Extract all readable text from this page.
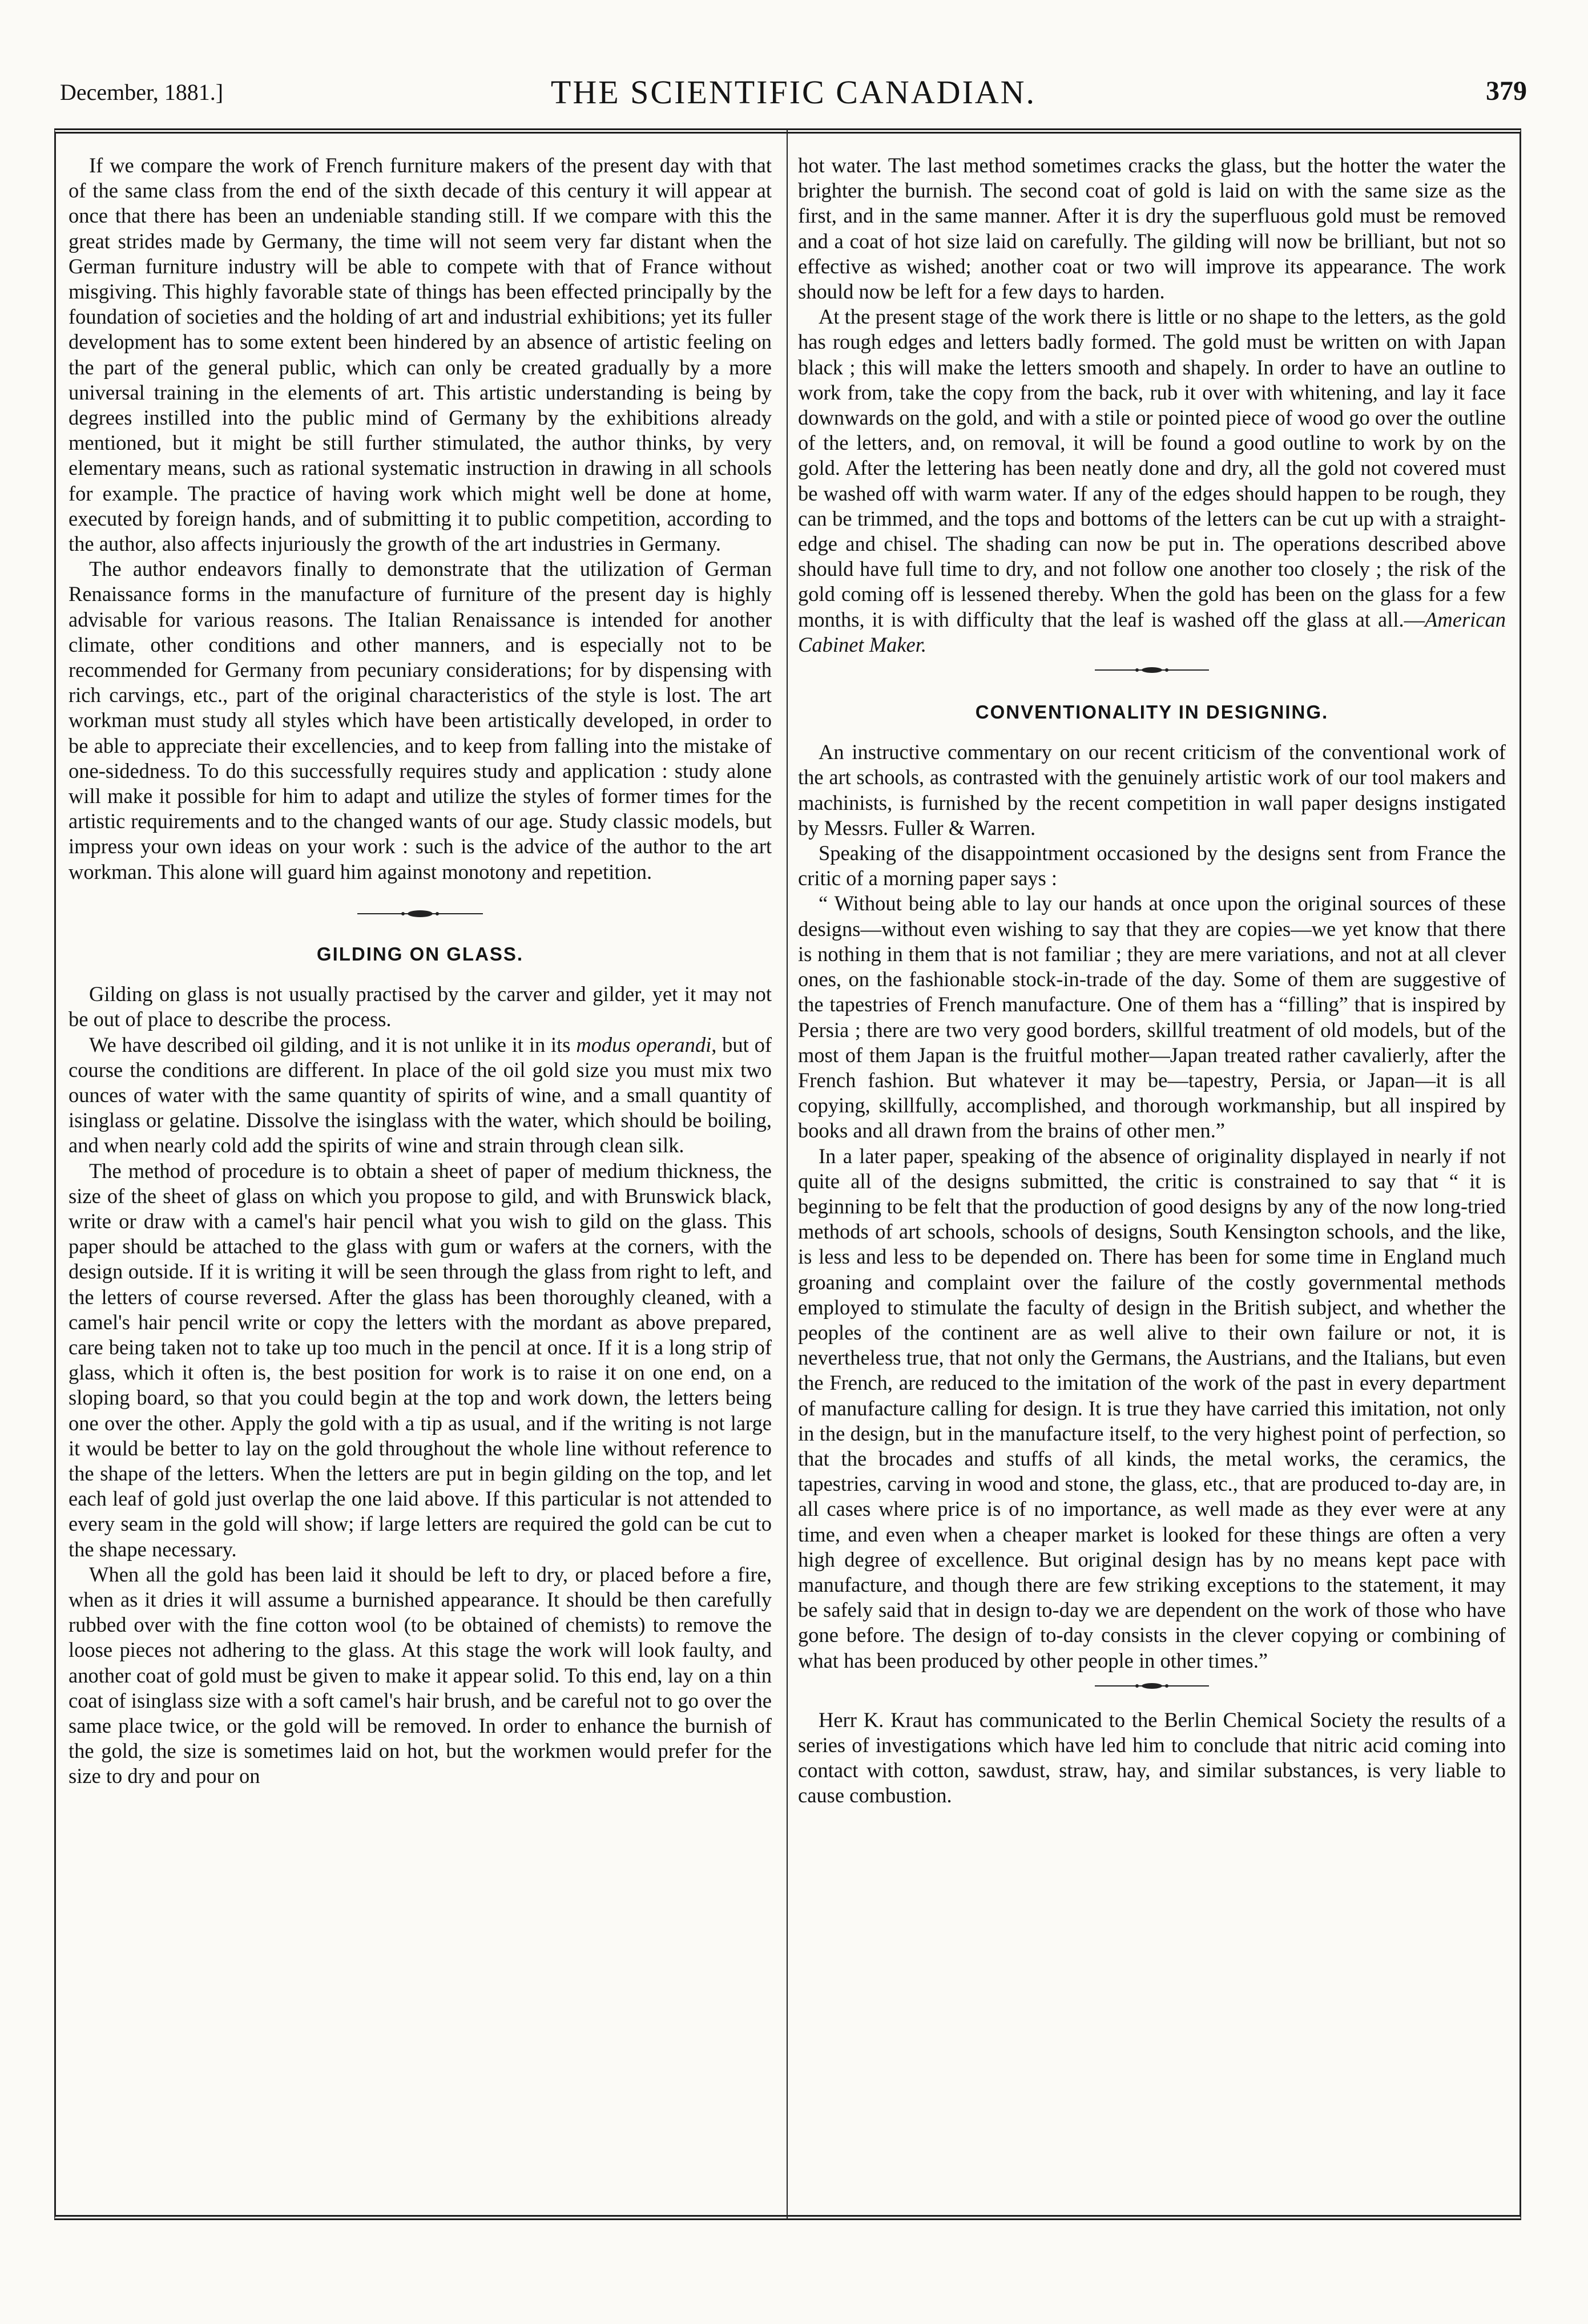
December, 1881.]	THE SCIENTIFIC CANADIAN.	379

If we compare the work of French furniture makers of the present day with that of the same class from the end of the sixth decade of this century it will appear at once that there has been an undeniable standing still. If we compare with this the great strides made by Germany, the time will not seem very far distant when the German furniture industry will be able to compete with that of France without misgiving. This highly favorable state of things has been effected principally by the foundation of societies and the holding of art and industrial exhibitions; yet its fuller development has to some extent been hindered by an absence of artistic feeling on the part of the general public, which can only be created gradually by a more universal training in the elements of art. This artistic understanding is being by degrees instilled into the public mind of Germany by the exhibitions already mentioned, but it might be still further stimulated, the author thinks, by very elementary means, such as rational systematic instruction in drawing in all schools for example. The practice of having work which might well be done at home, executed by foreign hands, and of submitting it to public competition, according to the author, also affects injuriously the growth of the art industries in Germany.

The author endeavors finally to demonstrate that the utilization of German Renaissance forms in the manufacture of furniture of the present day is highly advisable for various reasons. The Italian Renaissance is intended for another climate, other conditions and other manners, and is especially not to be recommended for Germany from pecuniary considerations; for by dispensing with rich carvings, etc., part of the original characteristics of the style is lost. The art workman must study all styles which have been artistically developed, in order to be able to appreciate their excellencies, and to keep from falling into the mistake of one-sidedness. To do this successfully requires study and application : study alone will make it possible for him to adapt and utilize the styles of former times for the artistic requirements and to the changed wants of our age. Study classic models, but impress your own ideas on your work : such is the advice of the author to the art workman. This alone will guard him against monotony and repetition.

GILDING ON GLASS.

Gilding on glass is not usually practised by the carver and gilder, yet it may not be out of place to describe the process.

We have described oil gilding, and it is not unlike it in its modus operandi, but of course the conditions are different. In place of the oil gold size you must mix two ounces of water with the same quantity of spirits of wine, and a small quantity of isinglass or gelatine. Dissolve the isinglass with the water, which should be boiling, and when nearly cold add the spirits of wine and strain through clean silk.

The method of procedure is to obtain a sheet of paper of medium thickness, the size of the sheet of glass on which you propose to gild, and with Brunswick black, write or draw with a camel's hair pencil what you wish to gild on the glass. This paper should be attached to the glass with gum or wafers at the corners, with the design outside. If it is writing it will be seen through the glass from right to left, and the letters of course reversed. After the glass has been thoroughly cleaned, with a camel's hair pencil write or copy the letters with the mordant as above prepared, care being taken not to take up too much in the pencil at once. If it is a long strip of glass, which it often is, the best position for work is to raise it on one end, on a sloping board, so that you could begin at the top and work down, the letters being one over the other. Apply the gold with a tip as usual, and if the writing is not large it would be better to lay on the gold throughout the whole line without reference to the shape of the letters. When the letters are put in begin gilding on the top, and let each leaf of gold just overlap the one laid above. If this particular is not attended to every seam in the gold will show; if large letters are required the gold can be cut to the shape necessary.

When all the gold has been laid it should be left to dry, or placed before a fire, when as it dries it will assume a burnished appearance. It should be then carefully rubbed over with the fine cotton wool (to be obtained of chemists) to remove the loose pieces not adhering to the glass. At this stage the work will look faulty, and another coat of gold must be given to make it appear solid. To this end, lay on a thin coat of isinglass size with a soft camel's hair brush, and be careful not to go over the same place twice, or the gold will be removed. In order to enhance the burnish of the gold, the size is sometimes laid on hot, but the workmen would prefer for the size to dry and pour on

hot water. The last method sometimes cracks the glass, but the hotter the water the brighter the burnish. The second coat of gold is laid on with the same size as the first, and in the same manner. After it is dry the superfluous gold must be removed and a coat of hot size laid on carefully. The gilding will now be brilliant, but not so effective as wished; another coat or two will improve its appearance. The work should now be left for a few days to harden.

At the present stage of the work there is little or no shape to the letters, as the gold has rough edges and letters badly formed. The gold must be written on with Japan black ; this will make the letters smooth and shapely. In order to have an outline to work from, take the copy from the back, rub it over with whitening, and lay it face downwards on the gold, and with a stile or pointed piece of wood go over the outline of the letters, and, on removal, it will be found a good outline to work by on the gold. After the lettering has been neatly done and dry, all the gold not covered must be washed off with warm water. If any of the edges should happen to be rough, they can be trimmed, and the tops and bottoms of the letters can be cut up with a straight-edge and chisel. The shading can now be put in. The operations described above should have full time to dry, and not follow one another too closely ; the risk of the gold coming off is lessened thereby. When the gold has been on the glass for a few months, it is with difficulty that the leaf is washed off the glass at all.—American Cabinet Maker.

CONVENTIONALITY IN DESIGNING.

An instructive commentary on our recent criticism of the conventional work of the art schools, as contrasted with the genuinely artistic work of our tool makers and machinists, is furnished by the recent competition in wall paper designs instigated by Messrs. Fuller & Warren.

Speaking of the disappointment occasioned by the designs sent from France the critic of a morning paper says :

“ Without being able to lay our hands at once upon the original sources of these designs—without even wishing to say that they are copies—we yet know that there is nothing in them that is not familiar ; they are mere variations, and not at all clever ones, on the fashionable stock-in-trade of the day. Some of them are suggestive of the tapestries of French manufacture. One of them has a “filling” that is inspired by Persia ; there are two very good borders, skillful treatment of old models, but of the most of them Japan is the fruitful mother—Japan treated rather cavalierly, after the French fashion. But whatever it may be—tapestry, Persia, or Japan—it is all copying, skillfully, accomplished, and thorough workmanship, but all inspired by books and all drawn from the brains of other men.”

In a later paper, speaking of the absence of originality displayed in nearly if not quite all of the designs submitted, the critic is constrained to say that “ it is beginning to be felt that the production of good designs by any of the now long-tried methods of art schools, schools of designs, South Kensington schools, and the like, is less and less to be depended on. There has been for some time in England much groaning and complaint over the failure of the costly governmental methods employed to stimulate the faculty of design in the British subject, and whether the peoples of the continent are as well alive to their own failure or not, it is nevertheless true, that not only the Germans, the Austrians, and the Italians, but even the French, are reduced to the imitation of the work of the past in every department of manufacture calling for design. It is true they have carried this imitation, not only in the design, but in the manufacture itself, to the very highest point of perfection, so that the brocades and stuffs of all kinds, the metal works, the ceramics, the tapestries, carving in wood and stone, the glass, etc., that are produced to-day are, in all cases where price is of no importance, as well made as they ever were at any time, and even when a cheaper market is looked for these things are often a very high degree of excellence. But original design has by no means kept pace with manufacture, and though there are few striking exceptions to the statement, it may be safely said that in design to-day we are dependent on the work of those who have gone before. The design of to-day consists in the clever copying or combining of what has been produced by other people in other times.”

Herr K. Kraut has communicated to the Berlin Chemical Society the results of a series of investigations which have led him to conclude that nitric acid coming into contact with cotton, sawdust, straw, hay, and similar substances, is very liable to cause combustion.
